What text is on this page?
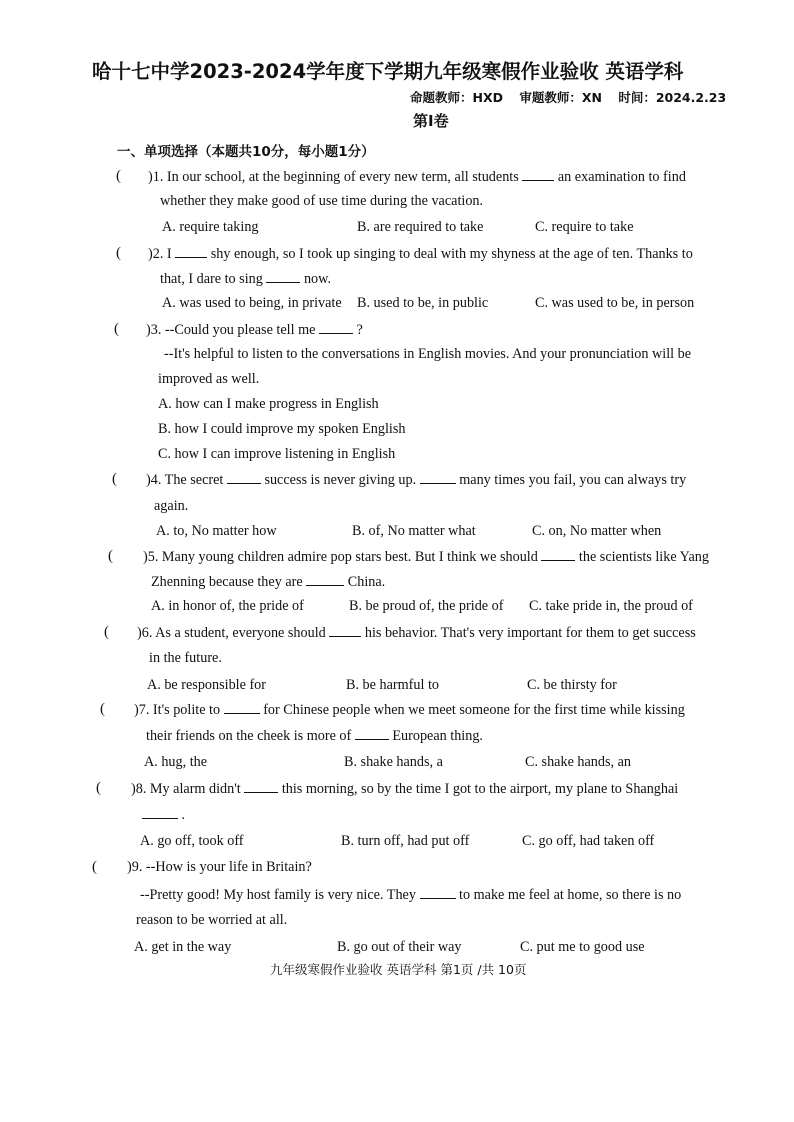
哈十七中学2023-2024学年度下学期九年级寒假作业验收 英语学科
命题教师：HXD 审题教师：XN 时间：2024.2.23
第Ⅰ卷
一、单项选择（本题共10分，每小题1分）
( )1. In our school, at the beginning of every new term, all students	an examination to find
whether they make good of use time during the vacation.
A. require taking	B. are required to take	C. require to take
( )2. I	shy enough, so I took up singing to deal with my shyness at the age of ten. Thanks to
that, I dare to sing	now.
A. was used to being, in private B. used to be, in public	C. was used to be, in person
( )3. --Could you please tell me	?
--It's helpful to listen to the conversations in English movies. And your pronunciation will be
improved as well.
A. how can I make progress in English
B. how I could improve my spoken English
C. how I can improve listening in English
( )4. The secret	success is never giving up.	many times you fail, you can always try
again.
A. to, No matter how	B. of, No matter what	C. on, No matter when
( )5. Many young children admire pop stars best. But I think we should	the scientists like Yang
Zhenning because they are	China.
A. in honor of, the pride of	B. be proud of, the pride of C. take pride in, the proud of
( )6. As a student, everyone should	his behavior. That's very important for them to get success
in the future.
A. be responsible for	B. be harmful to	C. be thirsty for
( )7. It's polite to	for Chinese people when we meet someone for the first time while kissing
their friends on the cheek is more of	European thing.
A. hug, the	B. shake hands, a	C. shake hands, an
( )8. My alarm didn't	this morning, so by the time I got to the airport, my plane to Shanghai
.
A. go off, took off	B. turn off, had put off	C. go off, had taken off
( )9. --How is your life in Britain?
--Pretty good! My host family is very nice. They	to make me feel at home, so there is no
reason to be worried at all.
A. get in the way	B. go out of their way	C. put me to good use
九年级寒假作业验收 英语学科 第1页 /共 10页
